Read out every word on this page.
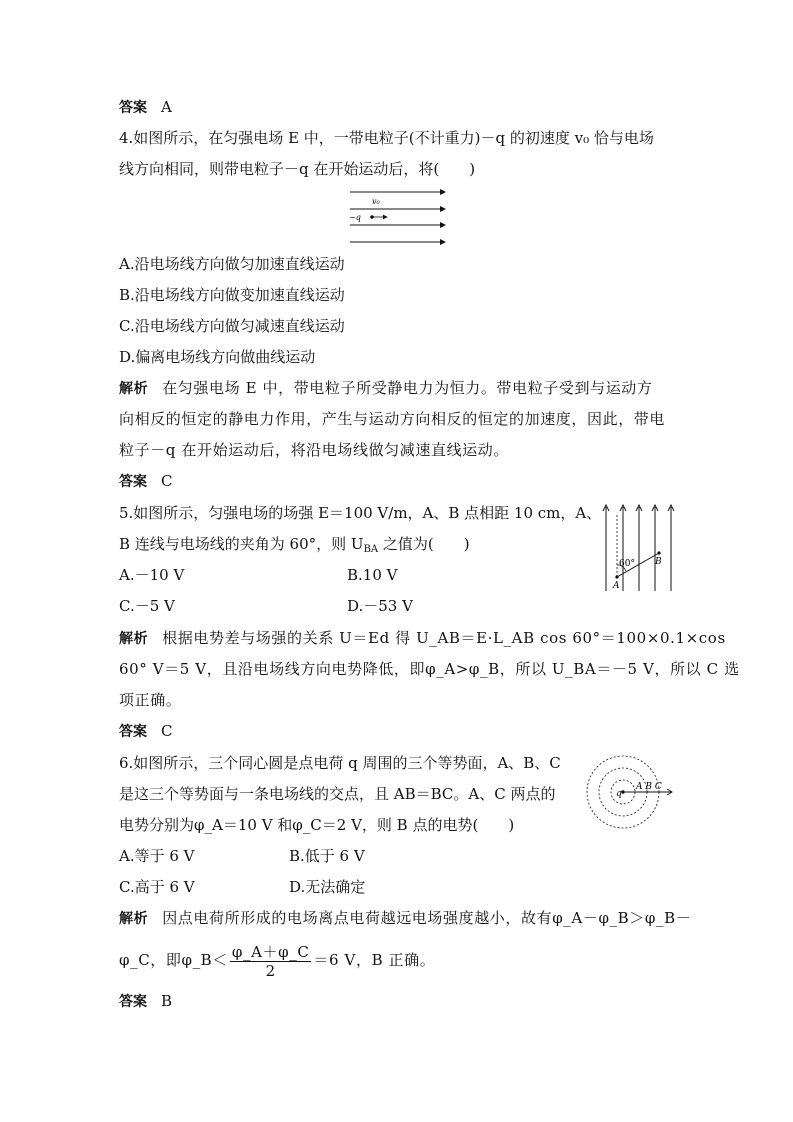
答案 A
4.如图所示，在匀强电场 E 中，一带电粒子(不计重力)－q 的初速度 v₀ 恰与电场
线方向相同，则带电粒子－q 在开始运动后，将(　　)
v₀
−q
A.沿电场线方向做匀加速直线运动
B.沿电场线方向做变加速直线运动
C.沿电场线方向做匀减速直线运动
D.偏离电场线方向做曲线运动
解析 在匀强电场 E 中，带电粒子所受静电力为恒力。带电粒子受到与运动方
向相反的恒定的静电力作用，产生与运动方向相反的恒定的加速度，因此，带电
粒子－q 在开始运动后，将沿电场线做匀减速直线运动。
答案 C
5.如图所示，匀强电场的场强 E＝100 V/m，A、B 点相距 10 cm，A、
B 连线与电场线的夹角为 60°，则 $U_{BA}$ 之值为(　　)
60°
A
B
A.－10 V	B.10 V
C.－5 V	D.－53 V
解析 根据电势差与场强的关系 U＝Ed 得 U_AB＝E·L_AB cos 60°＝100×0.1×cos
60° V＝5 V，且沿电场线方向电势降低，即φ_A>φ_B，所以 U_BA＝－5 V，所以 C 选
项正确。
答案 C
6.如图所示，三个同心圆是点电荷 q 周围的三个等势面，A、B、C
是这三个等势面与一条电场线的交点，且 AB＝BC。A、C 两点的
电势分别为φ_A＝10 V 和φ_C＝2 V，则 B 点的电势(　　)
q
A B C
A.等于 6 V	B.低于 6 V
C.高于 6 V	D.无法确定
解析 因点电荷所形成的电场离点电荷越远电场强度越小，故有φ_A－φ_B＞φ_B－
φ_C，即φ_B＜ $\frac{\varphi\_A+\varphi\_C}{2} =6$ V，B 正确。
答案 B
